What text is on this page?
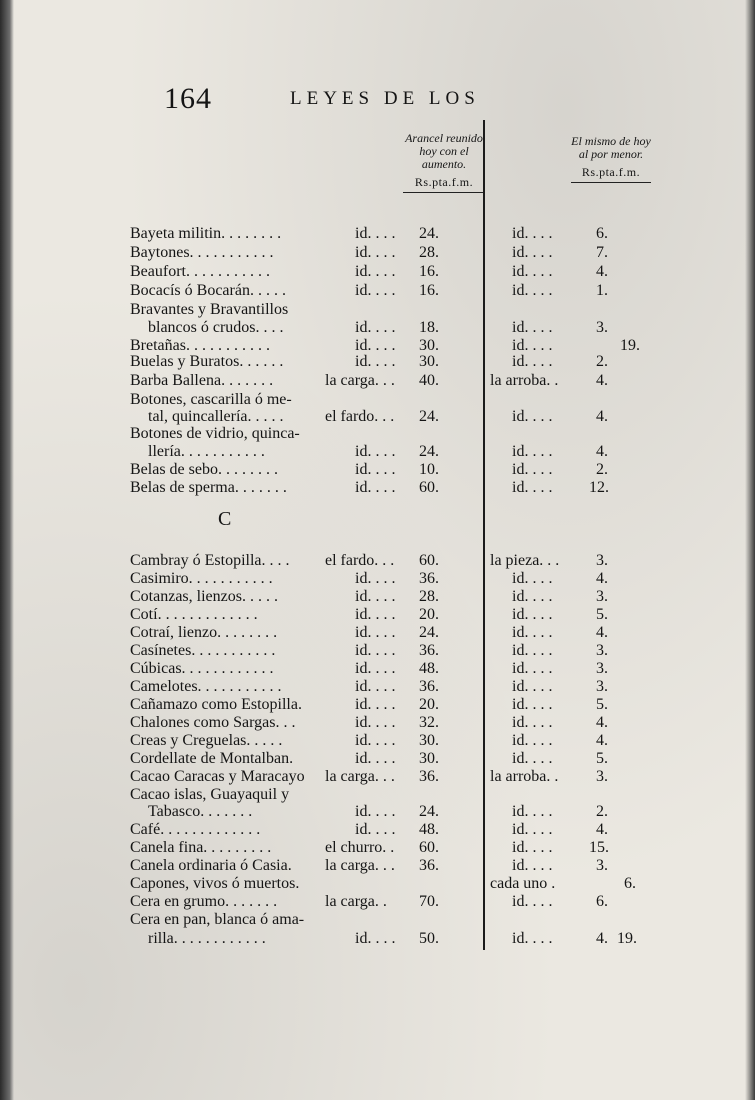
164	LEYES DE LOS
Arancel reunido hoy con el aumento.
Rs.pta.f.m.
El mismo de hoy al por menor.
Rs.pta.f.m.
Bayeta militin. . . . . . . .	id. . . . 24.	id. . . .	6.
Baytones. . . . . . . . . . .	id. . . . 28.	id. . . .	7.
Beaufort. . . . . . . . . . .	id. . . . 16.	id. . . .	4.
Bocacís ó Bocarán. . . . .	id. . . . 16.	id. . . .	1.
Bravantes y Bravantillos
blancos ó crudos. . . .	id. . . . 18.	id. . . .	3.
Bretañas. . . . . . . . . . .	id. . . . 30.	id. . . .	19.
Buelas y Buratos. . . . . .	id. . . . 30.	id. . . .	2.
Barba Ballena. . . . . . .	la carga. . . 40.	la arroba. . 4.
Botones, cascarilla ó me-
tal, quincallería. . . . .	el fardo. . . 24.	id. . . .	4.
Botones de vidrio, quinca-
llería. . . . . . . . . . .	id. . . . 24.	id. . . .	4.
Belas de sebo. . . . . . . .	id. . . . 10.	id. . . .	2.
Belas de sperma. . . . . . .	id. . . . 60.	id. . . . 12.
C
Cambray ó Estopilla. . . . el fardo. . . 60.	la pieza. . . 3.
Casimiro. . . . . . . . . . .	id. . . . 36.	id. . . .	4.
Cotanzas, lienzos. . . . .	id. . . . 28.	id. . . .	3.
Cotí. . . . . . . . . . . . .	id. . . . 20.	id. . . .	5.
Cotraí, lienzo. . . . . . . .	id. . . . 24.	id. . . .	4.
Casínetes. . . . . . . . . . .	id. . . . 36.	id. . . .	3.
Cúbicas. . . . . . . . . . . .	id. . . . 48.	id. . . .	3.
Camelotes. . . . . . . . . . .	id. . . . 36.	id. . . .	3.
Cañamazo como Estopilla.	id. . . . 20.	id. . . .	5.
Chalones como Sargas. . .	id. . . . 32.	id. . . .	4.
Creas y Creguelas. . . . .	id. . . . 30.	id. . . .	4.
Cordellate de Montalban.	id. . . . 30.	id. . . .	5.
Cacao Caracas y Maracayo la carga. . . 36.	la arroba. . 3.
Cacao islas, Guayaquil y
Tabasco. . . . . . .	id. . . . 24.	id. . . .	2.
Café. . . . . . . . . . . . .	id. . . . 48.	id. . . .	4.
Canela fina. . . . . . . . .	el churro. . 60.	id. . . . 15.
Canela ordinaria ó Casia. la carga. . . 36.	id. . . .	3.
Capones, vivos ó muertos.	cada uno .	6.
Cera en grumo. . . . . . .	la carga. . 70.	id. . . .	6.
Cera en pan, blanca ó ama-
rilla. . . . . . . . . . . .	id. . . . 50.	id. . . .	4. 19.
